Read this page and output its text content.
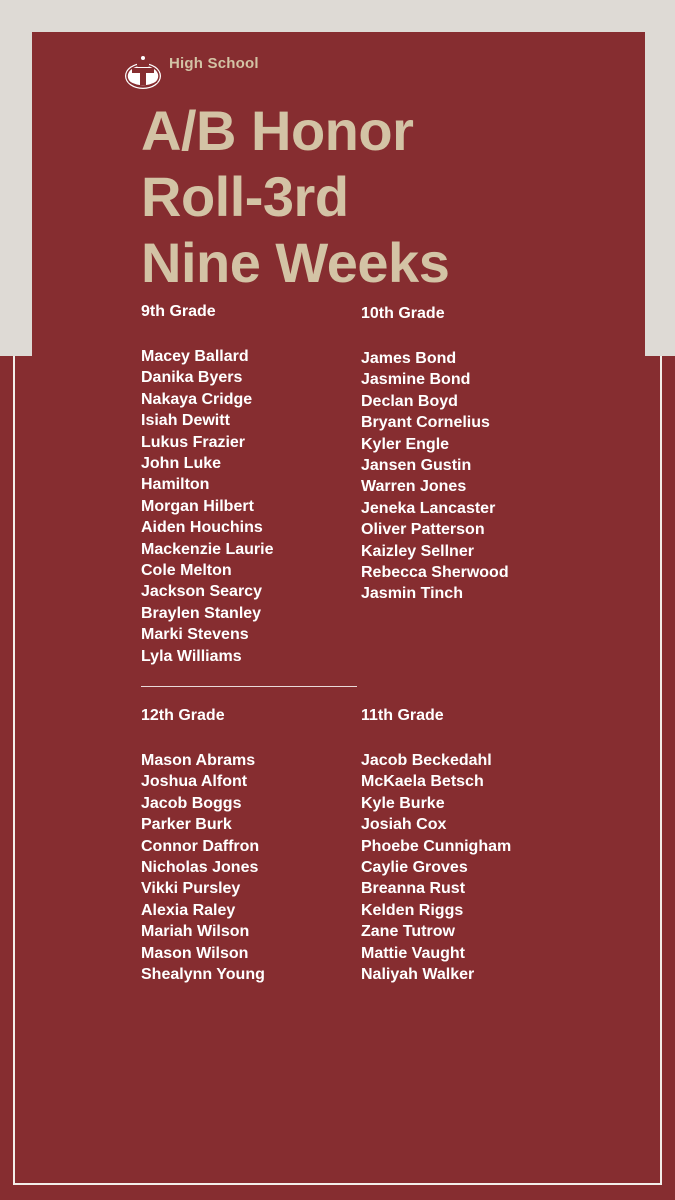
High School
A/B Honor
Roll-3rd
Nine Weeks
9th Grade
Macey Ballard
Danika Byers
Nakaya Cridge
Isiah Dewitt
Lukus Frazier
John Luke
Hamilton
Morgan Hilbert
Aiden Houchins
Mackenzie Laurie
Cole Melton
Jackson Searcy
Braylen Stanley
Marki Stevens
Lyla Williams
10th Grade
James Bond
Jasmine Bond
Declan Boyd
Bryant Cornelius
Kyler Engle
Jansen Gustin
Warren Jones
Jeneka Lancaster
Oliver Patterson
Kaizley Sellner
Rebecca Sherwood
Jasmin Tinch
12th Grade
Mason Abrams
Joshua Alfont
Jacob Boggs
Parker Burk
Connor Daffron
Nicholas Jones
Vikki Pursley
Alexia Raley
Mariah Wilson
Mason Wilson
Shealynn Young
11th Grade
Jacob Beckedahl
McKaela Betsch
Kyle Burke
Josiah Cox
Phoebe Cunnigham
Caylie Groves
Breanna Rust
Kelden Riggs
Zane Tutrow
Mattie Vaught
Naliyah Walker
